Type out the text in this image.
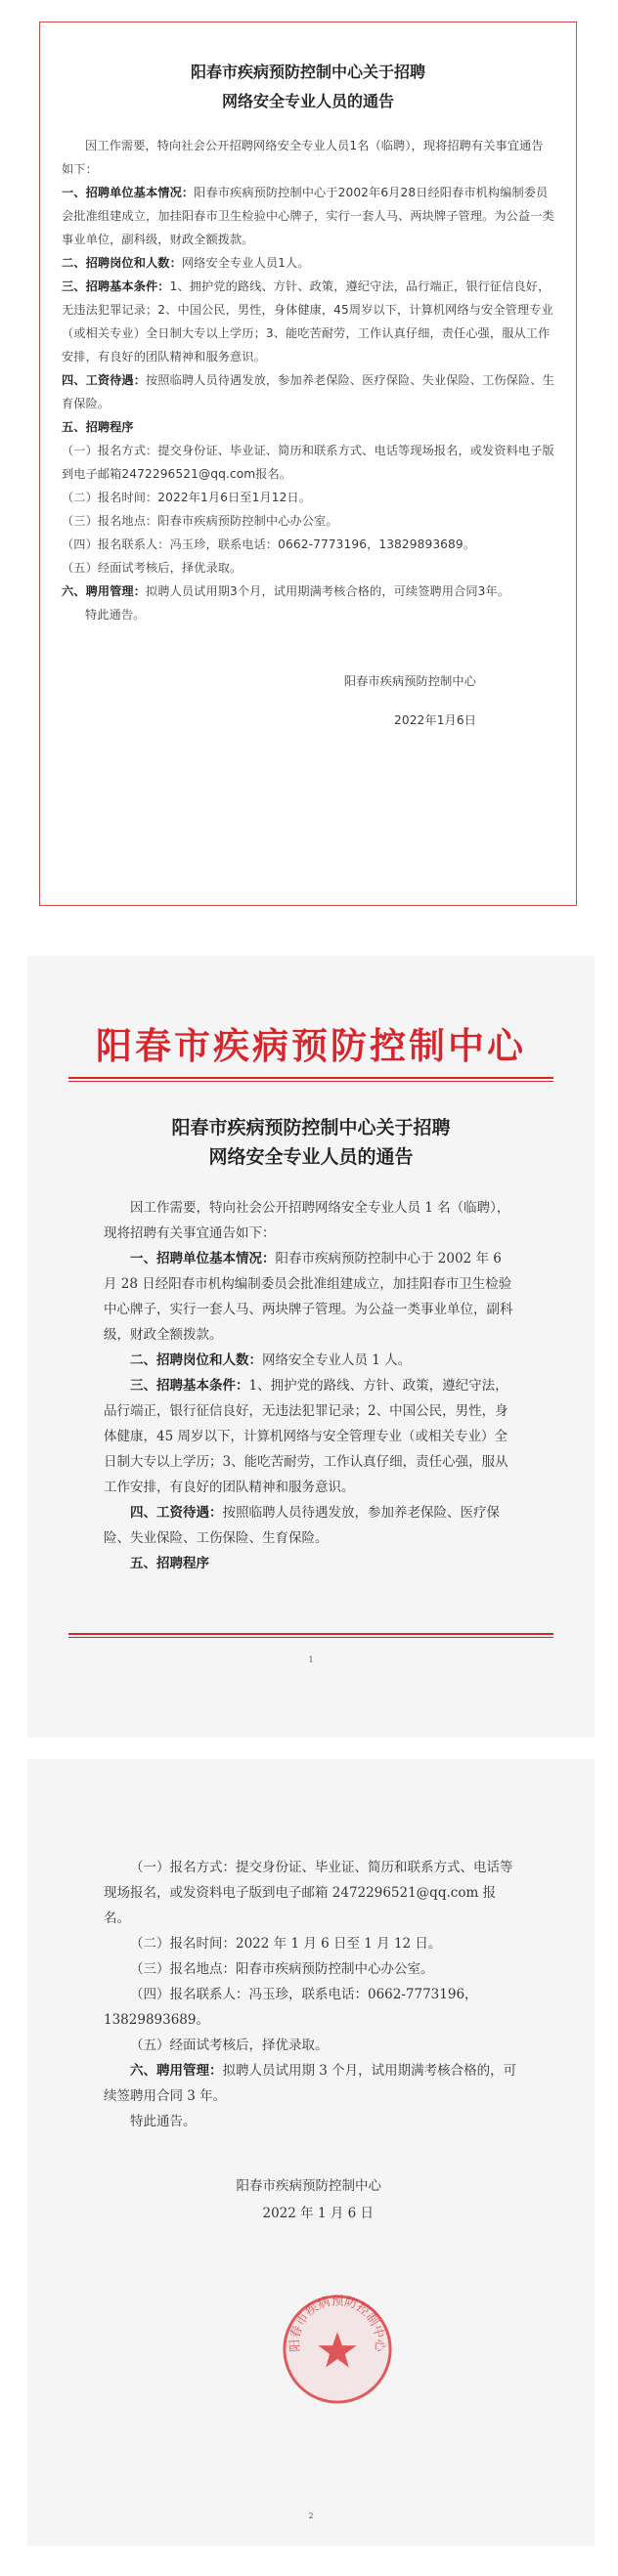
阳春市疾病预防控制中心关于招聘
网络安全专业人员的通告

因工作需要，特向社会公开招聘网络安全专业人员1名（临聘），现将招聘有关事宜通告如下：

一、招聘单位基本情况：阳春市疾病预防控制中心于2002年6月28日经阳春市机构编制委员会批准组建成立，加挂阳春市卫生检验中心牌子，实行一套人马、两块牌子管理。为公益一类事业单位，副科级，财政全额拨款。

二、招聘岗位和人数：网络安全专业人员1人。

三、招聘基本条件：1、拥护党的路线、方针、政策，遵纪守法，品行端正，银行征信良好，无违法犯罪记录；2、中国公民，男性，身体健康，45周岁以下，计算机网络与安全管理专业（或相关专业）全日制大专以上学历；3、能吃苦耐劳，工作认真仔细，责任心强，服从工作安排，有良好的团队精神和服务意识。

四、工资待遇：按照临聘人员待遇发放，参加养老保险、医疗保险、失业保险、工伤保险、生育保险。

五、招聘程序

（一）报名方式：提交身份证、毕业证、简历和联系方式、电话等现场报名，或发资料电子版到电子邮箱2472296521@qq.com报名。

（二）报名时间：2022年1月6日至1月12日。

（三）报名地点：阳春市疾病预防控制中心办公室。

（四）报名联系人：冯玉珍，联系电话：0662-7773196，13829893689。

（五）经面试考核后，择优录取。

六、聘用管理：拟聘人员试用期3个月，试用期满考核合格的，可续签聘用合同3年。

特此通告。

阳春市疾病预防控制中心

2022年1月6日

阳春市疾病预防控制中心
阳春市疾病预防控制中心关于招聘
网络安全专业人员的通告

因工作需要，特向社会公开招聘网络安全专业人员 1 名（临聘），现将招聘有关事宜通告如下：

一、招聘单位基本情况：阳春市疾病预防控制中心于 2002 年 6 月 28 日经阳春市机构编制委员会批准组建成立，加挂阳春市卫生检验中心牌子，实行一套人马、两块牌子管理。为公益一类事业单位，副科级，财政全额拨款。

二、招聘岗位和人数：网络安全专业人员 1 人。

三、招聘基本条件：1、拥护党的路线、方针、政策，遵纪守法，品行端正，银行征信良好，无违法犯罪记录；2、中国公民，男性，身体健康，45 周岁以下，计算机网络与安全管理专业（或相关专业）全日制大专以上学历；3、能吃苦耐劳，工作认真仔细，责任心强，服从工作安排，有良好的团队精神和服务意识。

四、工资待遇：按照临聘人员待遇发放，参加养老保险、医疗保险、失业保险、工伤保险、生育保险。

五、招聘程序

1

（一）报名方式：提交身份证、毕业证、简历和联系方式、电话等现场报名，或发资料电子版到电子邮箱 2472296521@qq.com 报名。

（二）报名时间：2022 年 1 月 6 日至 1 月 12 日。

（三）报名地点：阳春市疾病预防控制中心办公室。

（四）报名联系人：冯玉珍，联系电话：0662-7773196，13829893689。

（五）经面试考核后，择优录取。

六、聘用管理：拟聘人员试用期 3 个月，试用期满考核合格的，可续签聘用合同 3 年。

特此通告。

阳春市疾病预防控制中心

2022 年 1 月 6 日

阳春市疾病预防控制中心
2
